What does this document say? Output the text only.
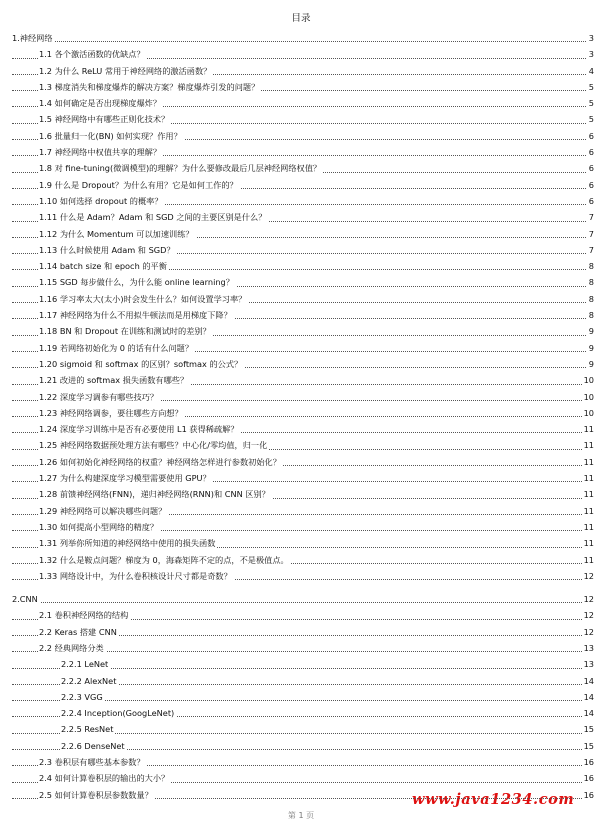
目录
1.神经网络	3
1.1 各个激活函数的优缺点？	3
1.2 为什么 ReLU 常用于神经网络的激活函数？	4
1.3 梯度消失和梯度爆炸的解决方案？梯度爆炸引发的问题？	5
1.4 如何确定是否出现梯度爆炸？	5
1.5 神经网络中有哪些正则化技术？	5
1.6 批量归一化(BN) 如何实现？作用？	6
1.7 神经网络中权值共享的理解？	6
1.8 对 fine-tuning(微调模型)的理解？为什么要修改最后几层神经网络权值？	6
1.9 什么是 Dropout？为什么有用？它是如何工作的？	6
1.10 如何选择 dropout 的概率？	6
1.11 什么是 Adam？Adam 和 SGD 之间的主要区别是什么？	7
1.12 为什么 Momentum 可以加速训练？	7
1.13 什么时候使用 Adam 和 SGD？	7
1.14 batch size 和 epoch 的平衡	8
1.15 SGD 每步做什么，为什么能 online learning？	8
1.16 学习率太大(太小)时会发生什么？如何设置学习率？	8
1.17 神经网络为什么不用拟牛顿法而是用梯度下降？	8
1.18 BN 和 Dropout 在训练和测试时的差别？	9
1.19 若网络初始化为 0 的话有什么问题？	9
1.20 sigmoid 和 softmax 的区别？softmax 的公式？	9
1.21 改进的 softmax 损失函数有哪些？	10
1.22 深度学习调参有哪些技巧？	10
1.23 神经网络调参，要往哪些方向想？	10
1.24 深度学习训练中是否有必要使用 L1 获得稀疏解？	11
1.25 神经网络数据预处理方法有哪些？中心化/零均值，归一化	11
1.26 如何初始化神经网络的权重？神经网络怎样进行参数初始化？	11
1.27 为什么构建深度学习模型需要使用 GPU？	11
1.28 前馈神经网络(FNN)，递归神经网络(RNN)和 CNN 区别？	11
1.29 神经网络可以解决哪些问题？	11
1.30 如何提高小型网络的精度？	11
1.31 列举你所知道的神经网络中使用的损失函数	11
1.32 什么是鞍点问题？梯度为 0，海森矩阵不定的点，不是极值点。	11
1.33 网络设计中，为什么卷积核设计尺寸都是奇数？	12
2.CNN	12
2.1 卷积神经网络的结构	12
2.2 Keras 搭建 CNN	12
2.2 经典网络分类	13
2.2.1 LeNet	13
2.2.2 AlexNet	14
2.2.3 VGG	14
2.2.4 Inception(GoogLeNet)	14
2.2.5 ResNet	15
2.2.6 DenseNet	15
2.3 卷积层有哪些基本参数？	16
2.4 如何计算卷积层的输出的大小？	16
2.5 如何计算卷积层参数数量？	16
www.java1234.com
第 1 页
